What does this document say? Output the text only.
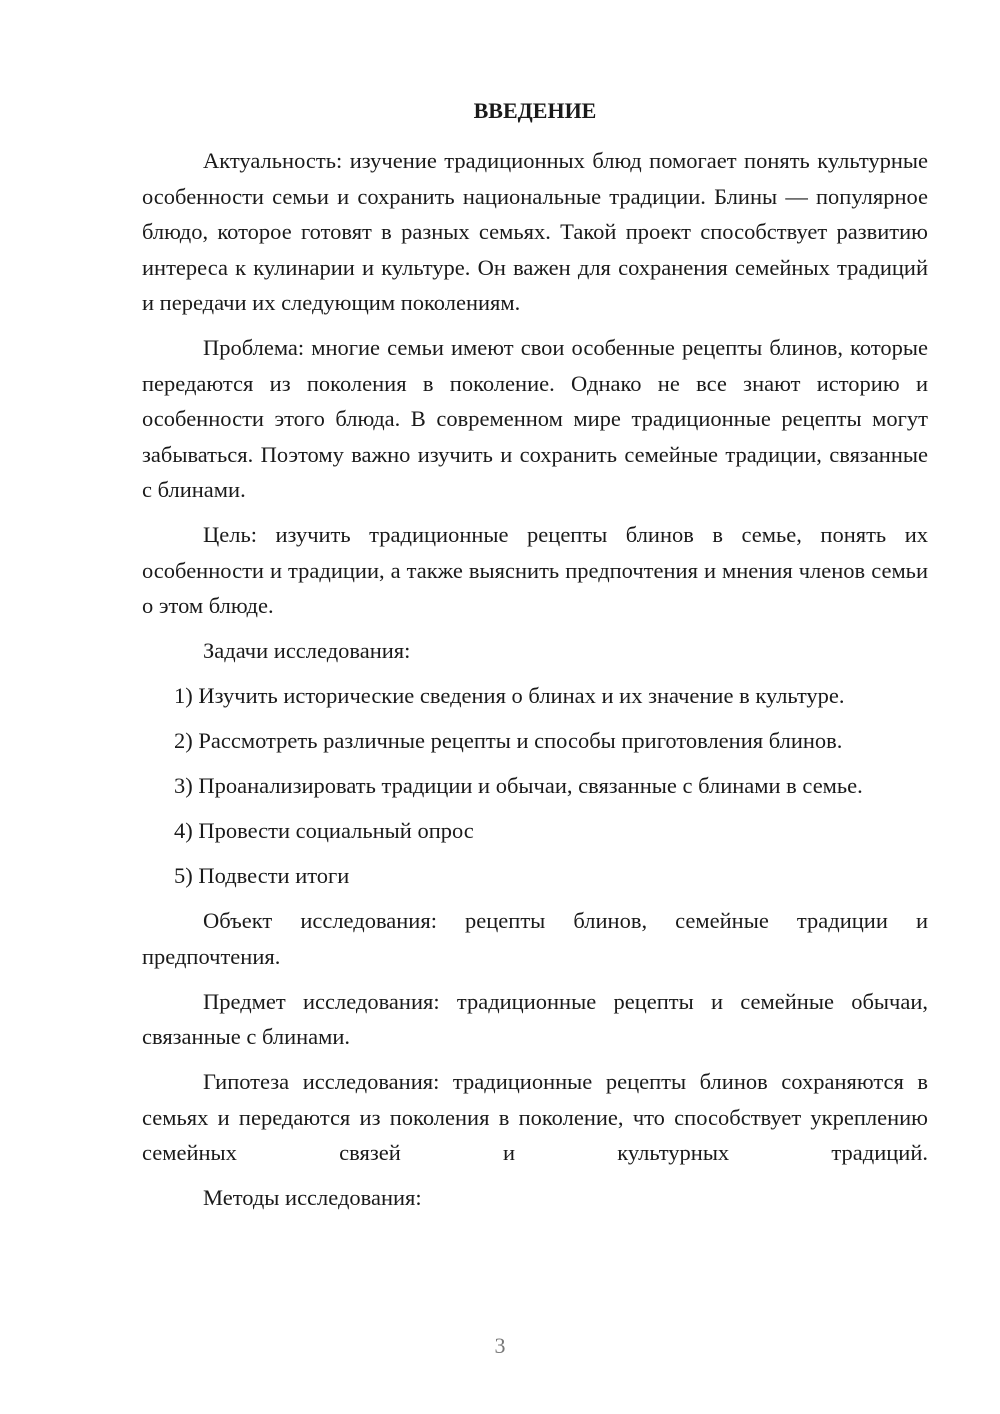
ВВЕДЕНИЕ

Актуальность: изучение традиционных блюд помогает понять культурные особенности семьи и сохранить национальные традиции. Блины — популярное блюдо, которое готовят в разных семьях. Такой проект способствует развитию интереса к кулинарии и культуре. Он важен для сохранения семейных традиций и передачи их следующим поколениям.

Проблема: многие семьи имеют свои особенные рецепты блинов, которые передаются из поколения в поколение. Однако не все знают историю и особенности этого блюда. В современном мире традиционные рецепты могут забываться. Поэтому важно изучить и сохранить семейные традиции, связанные с блинами.

Цель: изучить традиционные рецепты блинов в семье, понять их особенности и традиции, а также выяснить предпочтения и мнения членов семьи о этом блюде.

Задачи исследования:

1) Изучить исторические сведения о блинах и их значение в культуре.

2) Рассмотреть различные рецепты и способы приготовления блинов.

3) Проанализировать традиции и обычаи, связанные с блинами в семье.

4) Провести социальный опрос

5) Подвести итоги

Объект исследования: рецепты блинов, семейные традиции и предпочтения.

Предмет исследования: традиционные рецепты и семейные обычаи, связанные с блинами.

Гипотеза исследования: традиционные рецепты блинов сохраняются в семьях и передаются из поколения в поколение, что способствует укреплению семейных связей и культурных традиций.

Методы исследования:

3
